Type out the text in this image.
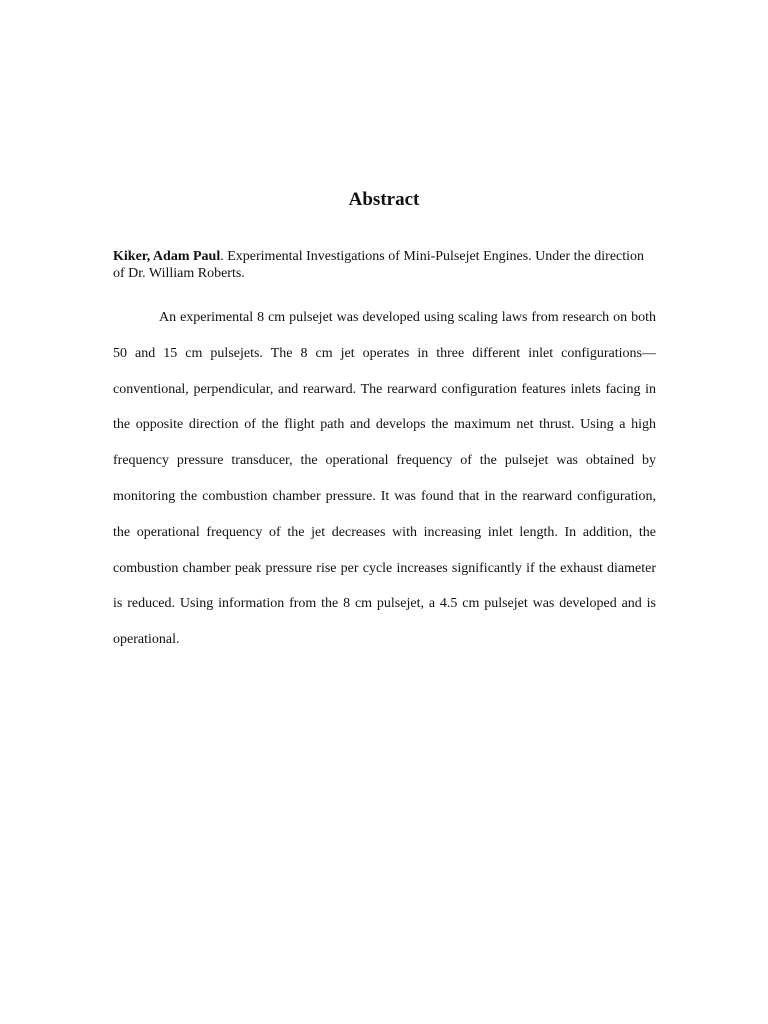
Abstract
Kiker, Adam Paul. Experimental Investigations of Mini-Pulsejet Engines. Under the direction of Dr. William Roberts.

An experimental 8 cm pulsejet was developed using scaling laws from research on both 50 and 15 cm pulsejets. The 8 cm jet operates in three different inlet configurations—conventional, perpendicular, and rearward. The rearward configuration features inlets facing in the opposite direction of the flight path and develops the maximum net thrust. Using a high frequency pressure transducer, the operational frequency of the pulsejet was obtained by monitoring the combustion chamber pressure. It was found that in the rearward configuration, the operational frequency of the jet decreases with increasing inlet length. In addition, the combustion chamber peak pressure rise per cycle increases significantly if the exhaust diameter is reduced. Using information from the 8 cm pulsejet, a 4.5 cm pulsejet was developed and is operational.
